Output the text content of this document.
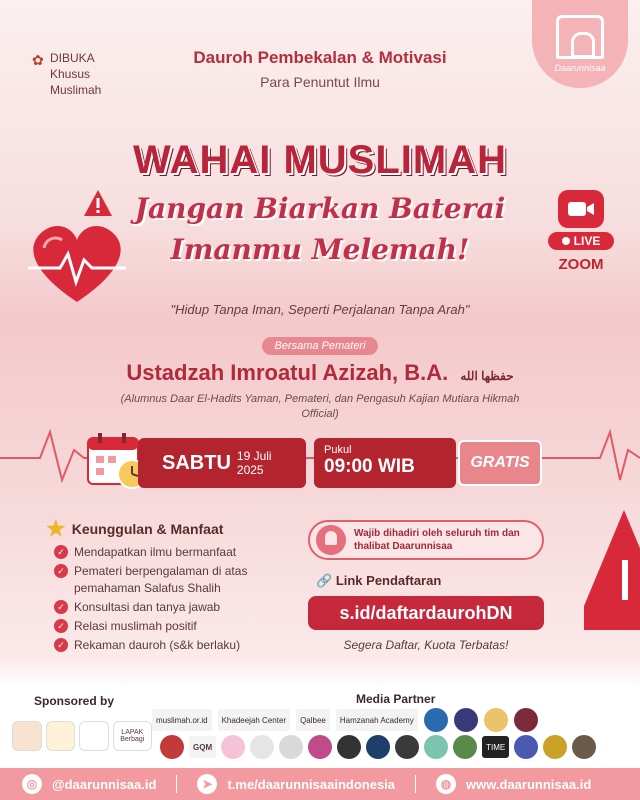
✿ DIBUKA
Khusus
Muslimah
Dauroh Pembekalan & Motivasi
Para Penuntut Ilmu
Daarunnisaa
WAHAI MUSLIMAH
Jangan Biarkan Baterai
Imanmu Melemah!	LIVE
ZOOM
"Hidup Tanpa Iman, Seperti Perjalanan Tanpa Arah"
Bersama Pemateri
Ustadzah Imroatul Azizah, B.A. حفظها الله
(Alumnus Daar El-Hadits Yaman, Pemateri, dan Pengasuh Kajian Mutiara Hikmah Official)
SABTU 19 Juli
2025
Pukul
09:00 WIB	GRATIS
★ Keunggulan & Manfaat
✓ Mendapatkan ilmu bermanfaat
✓ Pemateri berpengalaman di atas pemahaman Salafus Shalih
✓ Konsultasi dan tanya jawab
✓ Relasi muslimah positif
✓ Rekaman dauroh (s&k berlaku)
Wajib dihadiri oleh seluruh tim dan thalibat Daarunnisaa
🔗 Link Pendaftaran
s.id/daftardaurohDN
Segera Daftar, Kuota Terbatas!
Sponsored by	Media Partner
LAPAK Berbagi
muslimah.or.id	Khadeejah Center	Qalbee	Hamzanah Academy
GQM	TIME
◎	@daarunnisaa.id	➤	t.me/daarunnisaaindonesia	◍	www.daarunnisaa.id
